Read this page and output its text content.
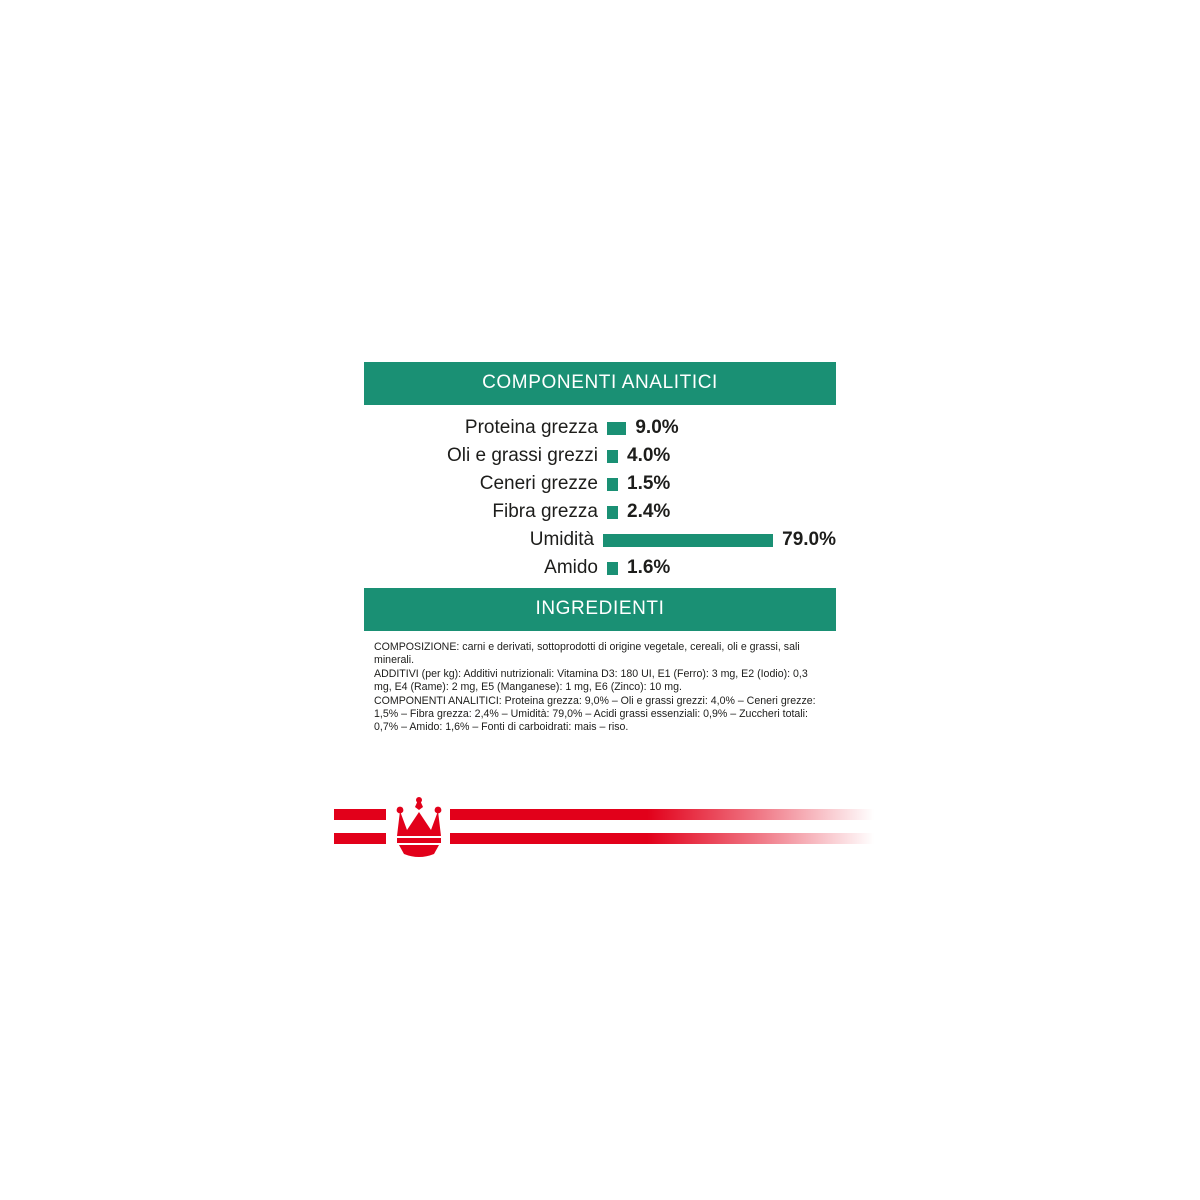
COMPONENTI ANALITICI
Proteina grezza	9.0%
Oli e grassi grezzi	4.0%
Ceneri grezze	1.5%
Fibra grezza	2.4%
Umidità	79.0%
Amido	1.6%
INGREDIENTI

COMPOSIZIONE: carni e derivati, sottoprodotti di origine vegetale, cereali, oli e grassi, sali minerali.

ADDITIVI (per kg): Additivi nutrizionali: Vitamina D3: 180 UI, E1 (Ferro): 3 mg, E2 (Iodio): 0,3 mg, E4 (Rame): 2 mg, E5 (Manganese): 1 mg, E6 (Zinco): 10 mg.

COMPONENTI ANALITICI: Proteina grezza: 9,0% – Oli e grassi grezzi: 4,0% – Ceneri grezze: 1,5% – Fibra grezza: 2,4% – Umidità: 79,0% – Acidi grassi essenziali: 0,9% – Zuccheri totali: 0,7% – Amido: 1,6% – Fonti di carboidrati: mais – riso.
